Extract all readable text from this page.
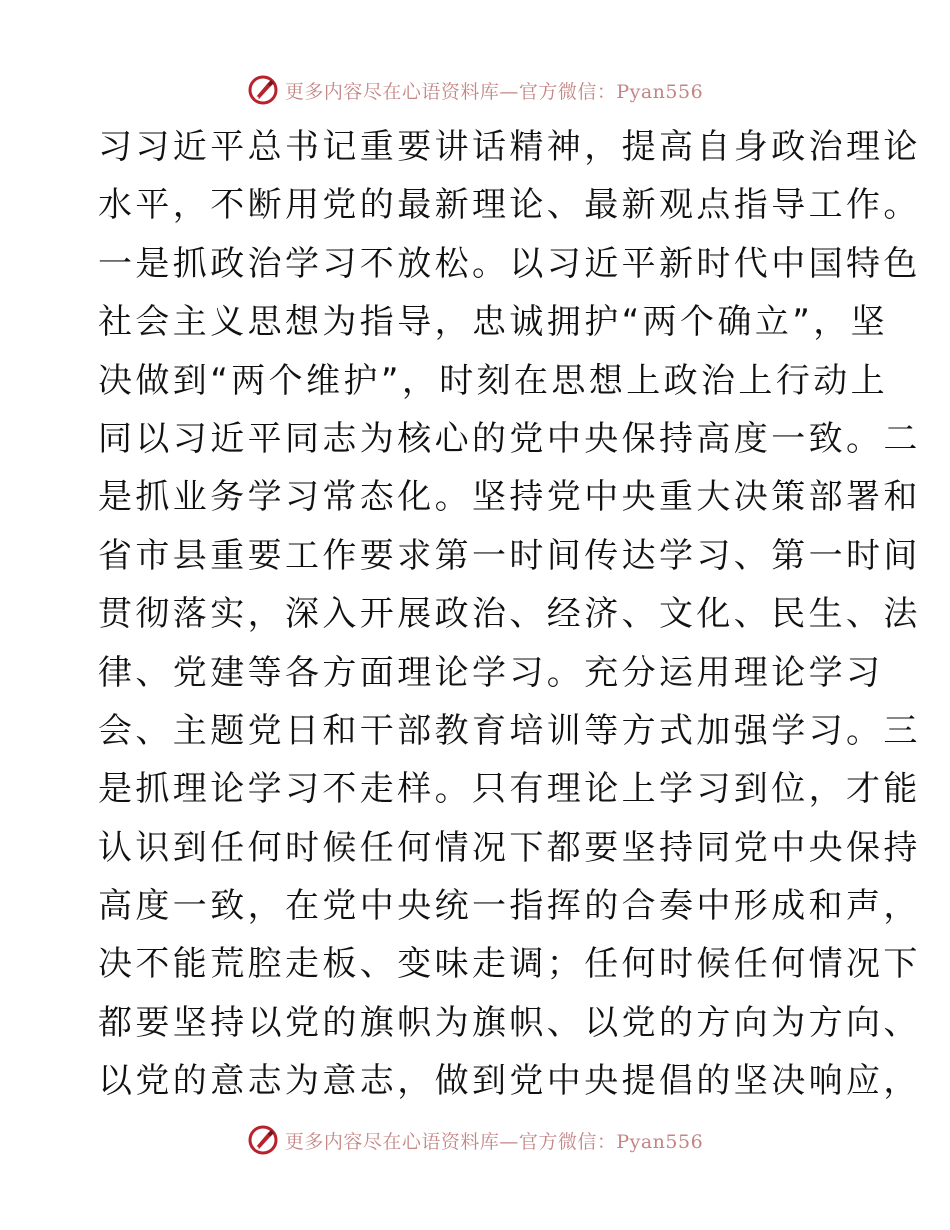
更多内容尽在心语资料库—官方微信：Pyan556
习习近平总书记重要讲话精神，提高自身政治理论
水平，不断用党的最新理论、最新观点指导工作。
一是抓政治学习不放松。以习近平新时代中国特色
社会主义思想为指导，忠诚拥护“两个确立”，坚
决做到“两个维护”，时刻在思想上政治上行动上
同以习近平同志为核心的党中央保持高度一致。二
是抓业务学习常态化。坚持党中央重大决策部署和
省市县重要工作要求第一时间传达学习、第一时间
贯彻落实，深入开展政治、经济、文化、民生、法
律、党建等各方面理论学习。充分运用理论学习
会、主题党日和干部教育培训等方式加强学习。三
是抓理论学习不走样。只有理论上学习到位，才能
认识到任何时候任何情况下都要坚持同党中央保持
高度一致，在党中央统一指挥的合奏中形成和声，
决不能荒腔走板、变味走调；任何时候任何情况下
都要坚持以党的旗帜为旗帜、以党的方向为方向、
以党的意志为意志，做到党中央提倡的坚决响应，
更多内容尽在心语资料库—官方微信：Pyan556
